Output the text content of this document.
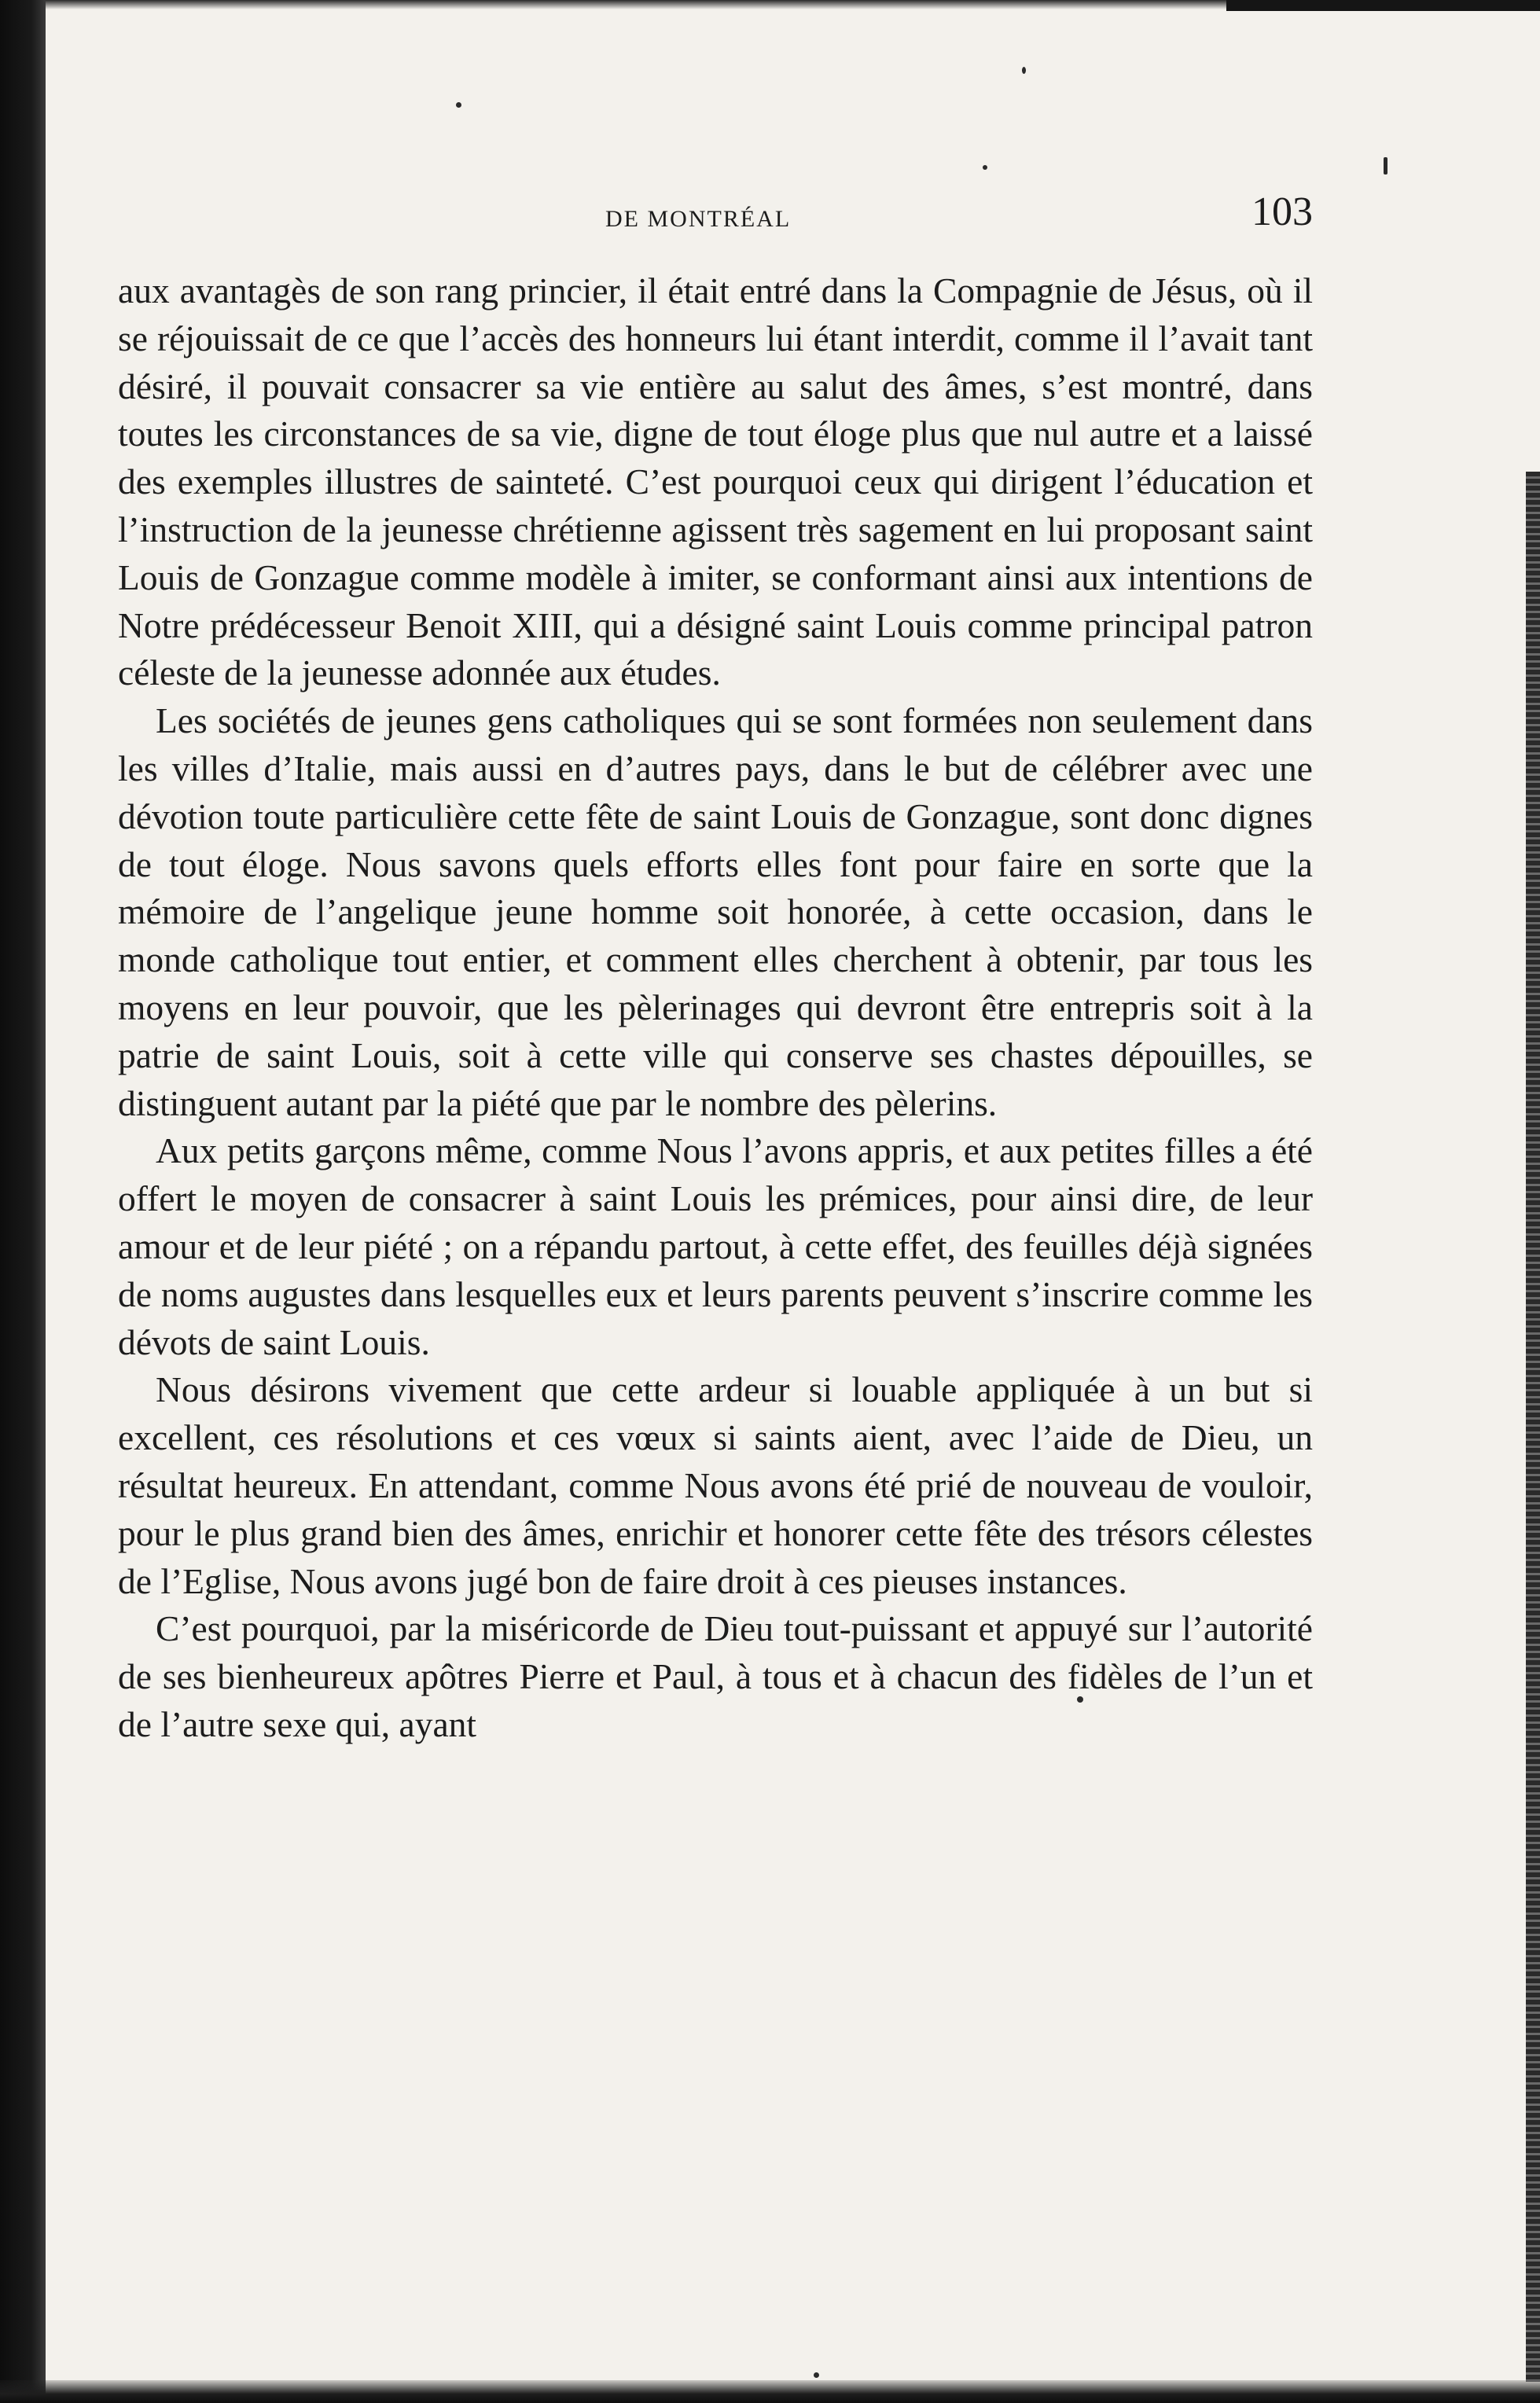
DE MONTRÉAL	103

aux avantagès de son rang princier, il était entré dans la Compagnie de Jésus, où il se réjouissait de ce que l’accès des honneurs lui étant interdit, comme il l’avait tant désiré, il pouvait consacrer sa vie entière au salut des âmes, s’est montré, dans toutes les circonstances de sa vie, digne de tout éloge plus que nul autre et a laissé des exemples illustres de sainteté. C’est pourquoi ceux qui dirigent l’éducation et l’instruction de la jeunesse chrétienne agissent très sagement en lui proposant saint Louis de Gonzague comme modèle à imiter, se conformant ainsi aux intentions de Notre prédécesseur Benoit XIII, qui a désigné saint Louis comme principal patron céleste de la jeunesse adonnée aux études.

Les sociétés de jeunes gens catholiques qui se sont formées non seulement dans les villes d’Italie, mais aussi en d’autres pays, dans le but de célébrer avec une dévotion toute particulière cette fête de saint Louis de Gonzague, sont donc dignes de tout éloge. Nous savons quels efforts elles font pour faire en sorte que la mémoire de l’angelique jeune homme soit honorée, à cette occasion, dans le monde catholique tout entier, et comment elles cherchent à obtenir, par tous les moyens en leur pouvoir, que les pèlerinages qui devront être entrepris soit à la patrie de saint Louis, soit à cette ville qui conserve ses chastes dépouilles, se distinguent autant par la piété que par le nombre des pèlerins.

Aux petits garçons même, comme Nous l’avons appris, et aux petites filles a été offert le moyen de consacrer à saint Louis les prémices, pour ainsi dire, de leur amour et de leur piété ; on a répandu partout, à cette effet, des feuilles déjà signées de noms augustes dans lesquelles eux et leurs parents peuvent s’inscrire comme les dévots de saint Louis.

Nous désirons vivement que cette ardeur si louable appliquée à un but si excellent, ces résolutions et ces vœux si saints aient, avec l’aide de Dieu, un résultat heureux. En attendant, comme Nous avons été prié de nouveau de vouloir, pour le plus grand bien des âmes, enrichir et honorer cette fête des trésors célestes de l’Eglise, Nous avons jugé bon de faire droit à ces pieuses instances.

C’est pourquoi, par la miséricorde de Dieu tout-puissant et appuyé sur l’autorité de ses bienheureux apôtres Pierre et Paul, à tous et à chacun des fidèles de l’un et de l’autre sexe qui, ayant
